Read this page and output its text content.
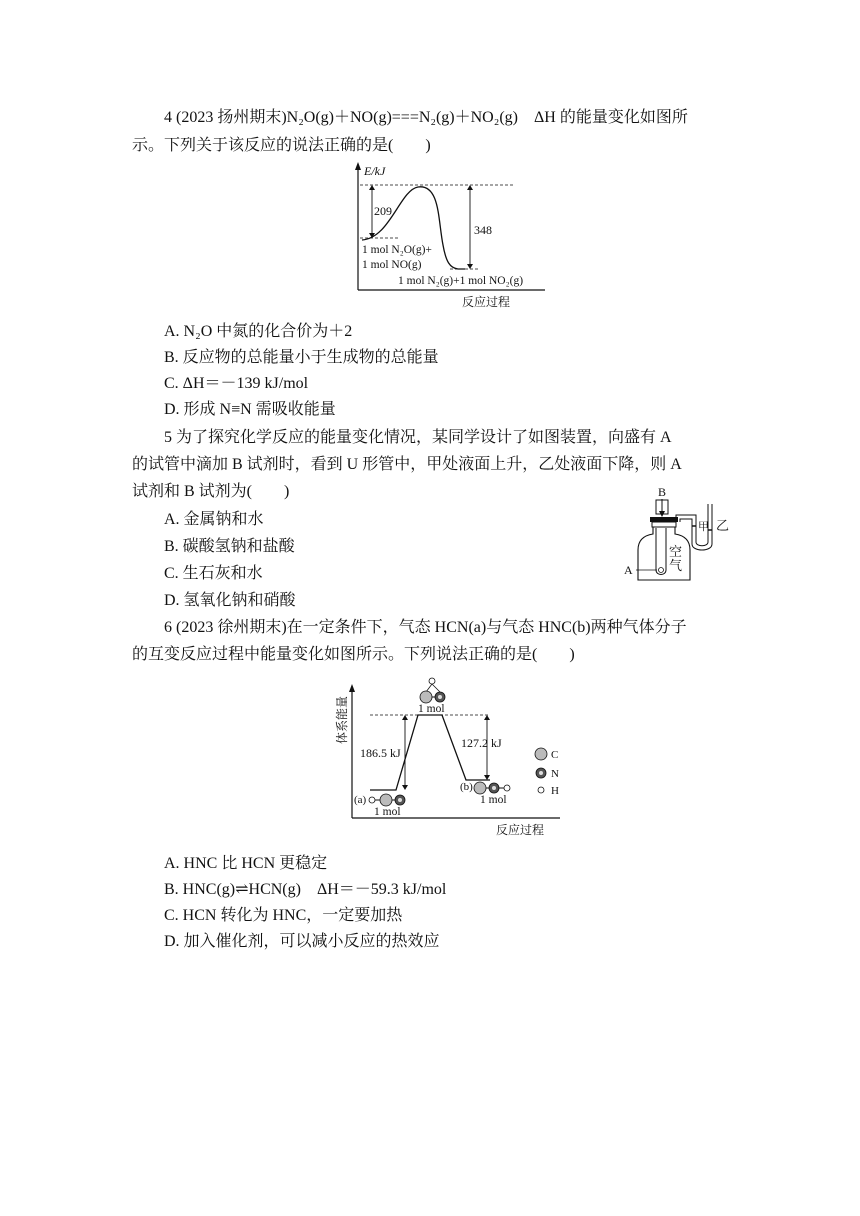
4 (2023 扬州期末)N₂O(g)＋NO(g)===N₂(g)＋NO₂(g)　ΔH 的能量变化如图所
示。下列关于该反应的说法正确的是(　　)
E/kJ
反应过程
209
348
1 mol N₂O(g)+
1 mol NO(g)
1 mol N₂(g)+1 mol NO₂(g)
A. N₂O 中氮的化合价为＋2
B. 反应物的总能量小于生成物的总能量
C. ΔH＝－139 kJ/mol
D. 形成 N≡N 需吸收能量
5 为了探究化学反应的能量变化情况，某同学设计了如图装置，向盛有 A
的试管中滴加 B 试剂时，看到 U 形管中，甲处液面上升，乙处液面下降，则 A
试剂和 B 试剂为(　　)
A. 金属钠和水
B. 碳酸氢钠和盐酸
C. 生石灰和水
D. 氢氧化钠和硝酸
B
A
空
气
甲 乙
6 (2023 徐州期末)在一定条件下，气态 HCN(a)与气态 HNC(b)两种气体分子
的互变反应过程中能量变化如图所示。下列说法正确的是(　　)
体系能量
反应过程
186.5 kJ
127.2 kJ
1 mol
(a)
1 mol
(b)
1 mol
C
N
H
A. HNC 比 HCN 更稳定
B. HNC(g)⇌HCN(g)　ΔH＝－59.3 kJ/mol
C. HCN 转化为 HNC，一定要加热
D. 加入催化剂，可以减小反应的热效应
